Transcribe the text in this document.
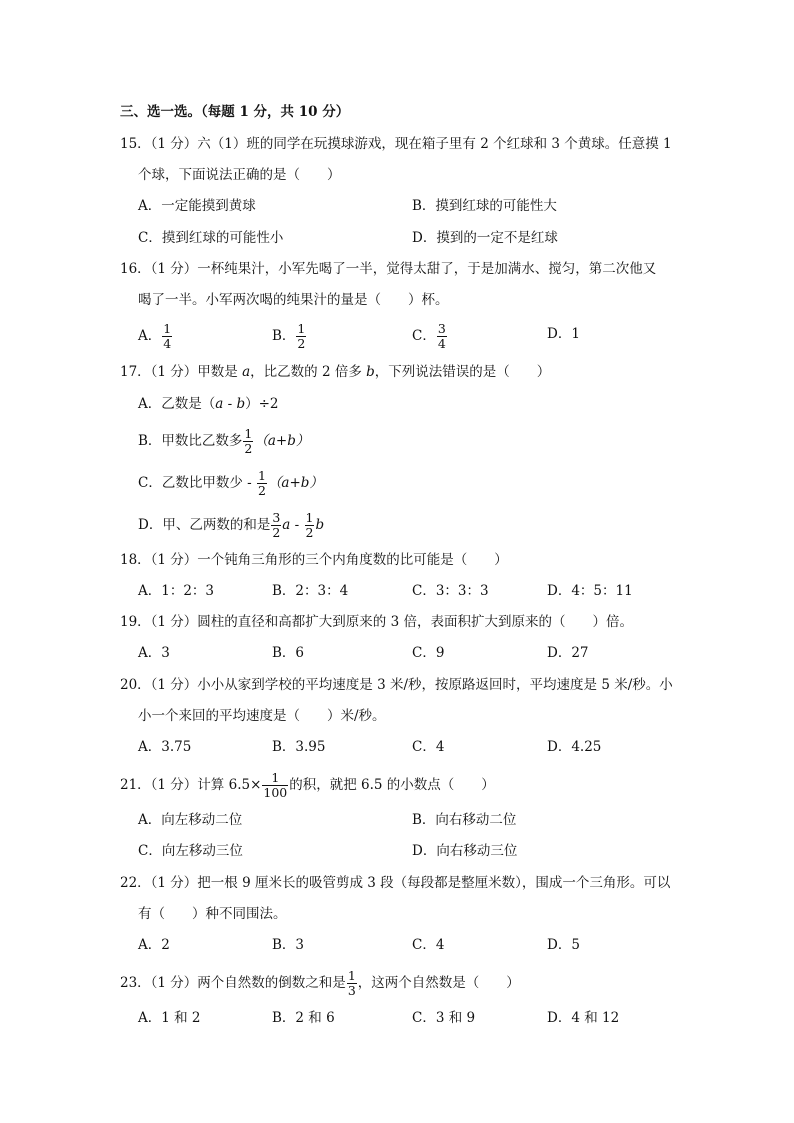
三、选一选。（每题 1 分，共 10 分）
15．（1 分）六（1）班的同学在玩摸球游戏，现在箱子里有 2 个红球和 3 个黄球。任意摸 1
个球，下面说法正确的是（　　）
A．一定能摸到黄球	B．摸到红球的可能性大
C．摸到红球的可能性小	D．摸到的一定不是红球
16．（1 分）一杯纯果汁，小军先喝了一半，觉得太甜了，于是加满水、搅匀，第二次他又
喝了一半。小军两次喝的纯果汁的量是（　　）杯。
A． $\frac{1}{4}$	B． $\frac{1}{2}$	C． $\frac{3}{4}$	D．1
17．（1 分）甲数是 a，比乙数的 2 倍多 b，下列说法错误的是（　　）
A．乙数是（a - b）÷2
B．甲数比乙数多 $\frac{1}{2} (a+b)$
C．乙数比甲数少 - $\frac{1}{2} (a+b)$
D．甲、乙两数的和是 $\frac{3}{2}$ a - $\frac{1}{2}$ b
18．（1 分）一个钝角三角形的三个内角度数的比可能是（　　）
A．1：2：3	B．2：3：4	C．3：3：3	D．4：5：11
19．（1 分）圆柱的直径和高都扩大到原来的 3 倍，表面积扩大到原来的（　　）倍。
A．3	B．6	C．9	D．27
20．（1 分）小小从家到学校的平均速度是 3 米/秒，按原路返回时，平均速度是 5 米/秒。小
小一个来回的平均速度是（　　）米/秒。
A．3.75	B．3.95	C．4	D．4.25
21．（1 分）计算 $6.5\times \frac{1}{100}$ 的积，就把 6.5 的小数点（　　）
A．向左移动二位	B．向右移动二位
C．向左移动三位	D．向右移动三位
22．（1 分）把一根 9 厘米长的吸管剪成 3 段（每段都是整厘米数），围成一个三角形。可以
有（　　）种不同围法。
A．2	B．3	C．4	D．5
23．（1 分）两个自然数的倒数之和是 $\frac{1}{3}$ ，这两个自然数是（　　）
A．1 和 2	B．2 和 6	C．3 和 9	D．4 和 12
